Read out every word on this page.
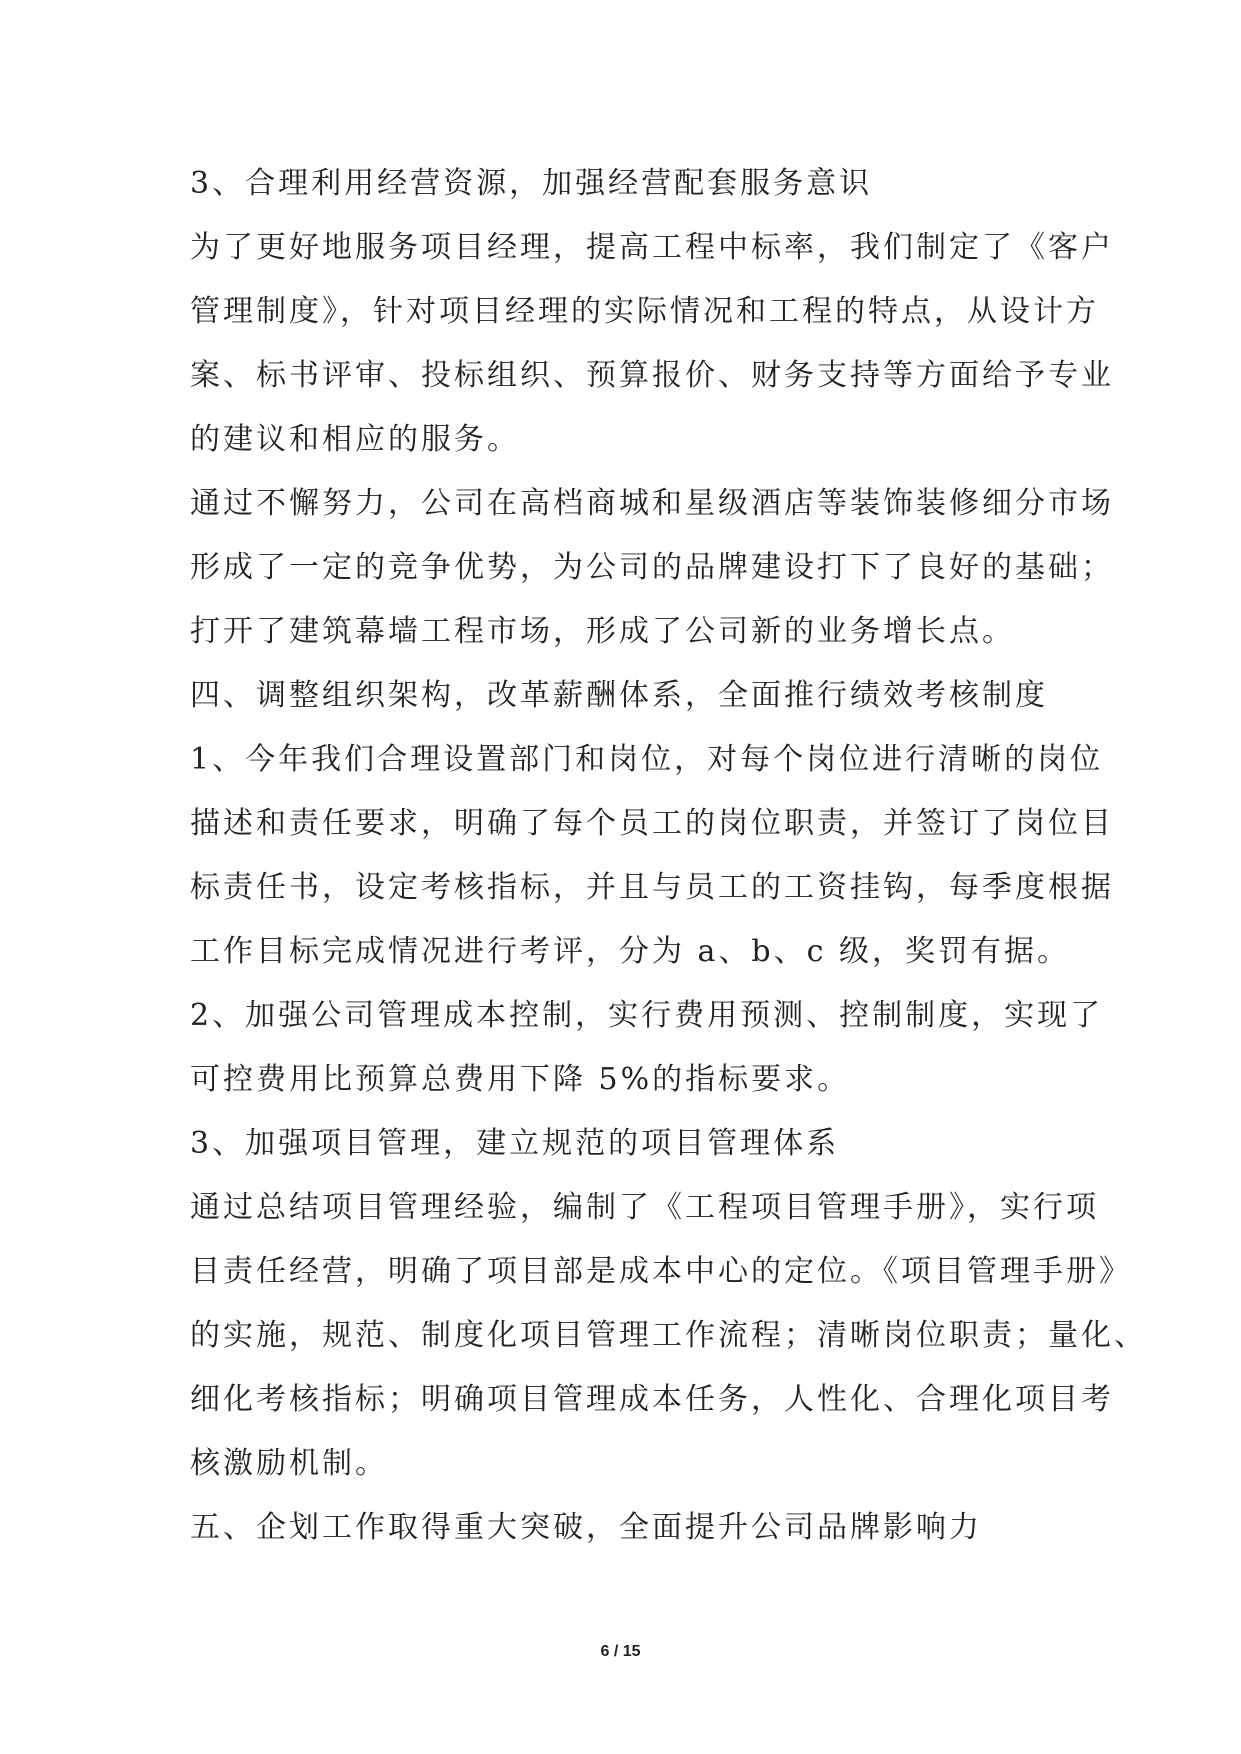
3、合理利用经营资源，加强经营配套服务意识
为了更好地服务项目经理，提高工程中标率，我们制定了《客户
管理制度》，针对项目经理的实际情况和工程的特点，从设计方
案、标书评审、投标组织、预算报价、财务支持等方面给予专业
的建议和相应的服务。
通过不懈努力，公司在高档商城和星级酒店等装饰装修细分市场
形成了一定的竞争优势，为公司的品牌建设打下了良好的基础；
打开了建筑幕墙工程市场，形成了公司新的业务增长点。
四、调整组织架构，改革薪酬体系，全面推行绩效考核制度
1、今年我们合理设置部门和岗位，对每个岗位进行清晰的岗位
描述和责任要求，明确了每个员工的岗位职责，并签订了岗位目
标责任书，设定考核指标，并且与员工的工资挂钩，每季度根据
工作目标完成情况进行考评，分为 a、b、c 级，奖罚有据。
2、加强公司管理成本控制，实行费用预测、控制制度，实现了
可控费用比预算总费用下降 5%的指标要求。
3、加强项目管理，建立规范的项目管理体系
通过总结项目管理经验，编制了《工程项目管理手册》，实行项
目责任经营，明确了项目部是成本中心的定位。《项目管理手册》
的实施，规范、制度化项目管理工作流程；清晰岗位职责；量化、
细化考核指标；明确项目管理成本任务，人性化、合理化项目考
核激励机制。
五、企划工作取得重大突破，全面提升公司品牌影响力
6 / 15
